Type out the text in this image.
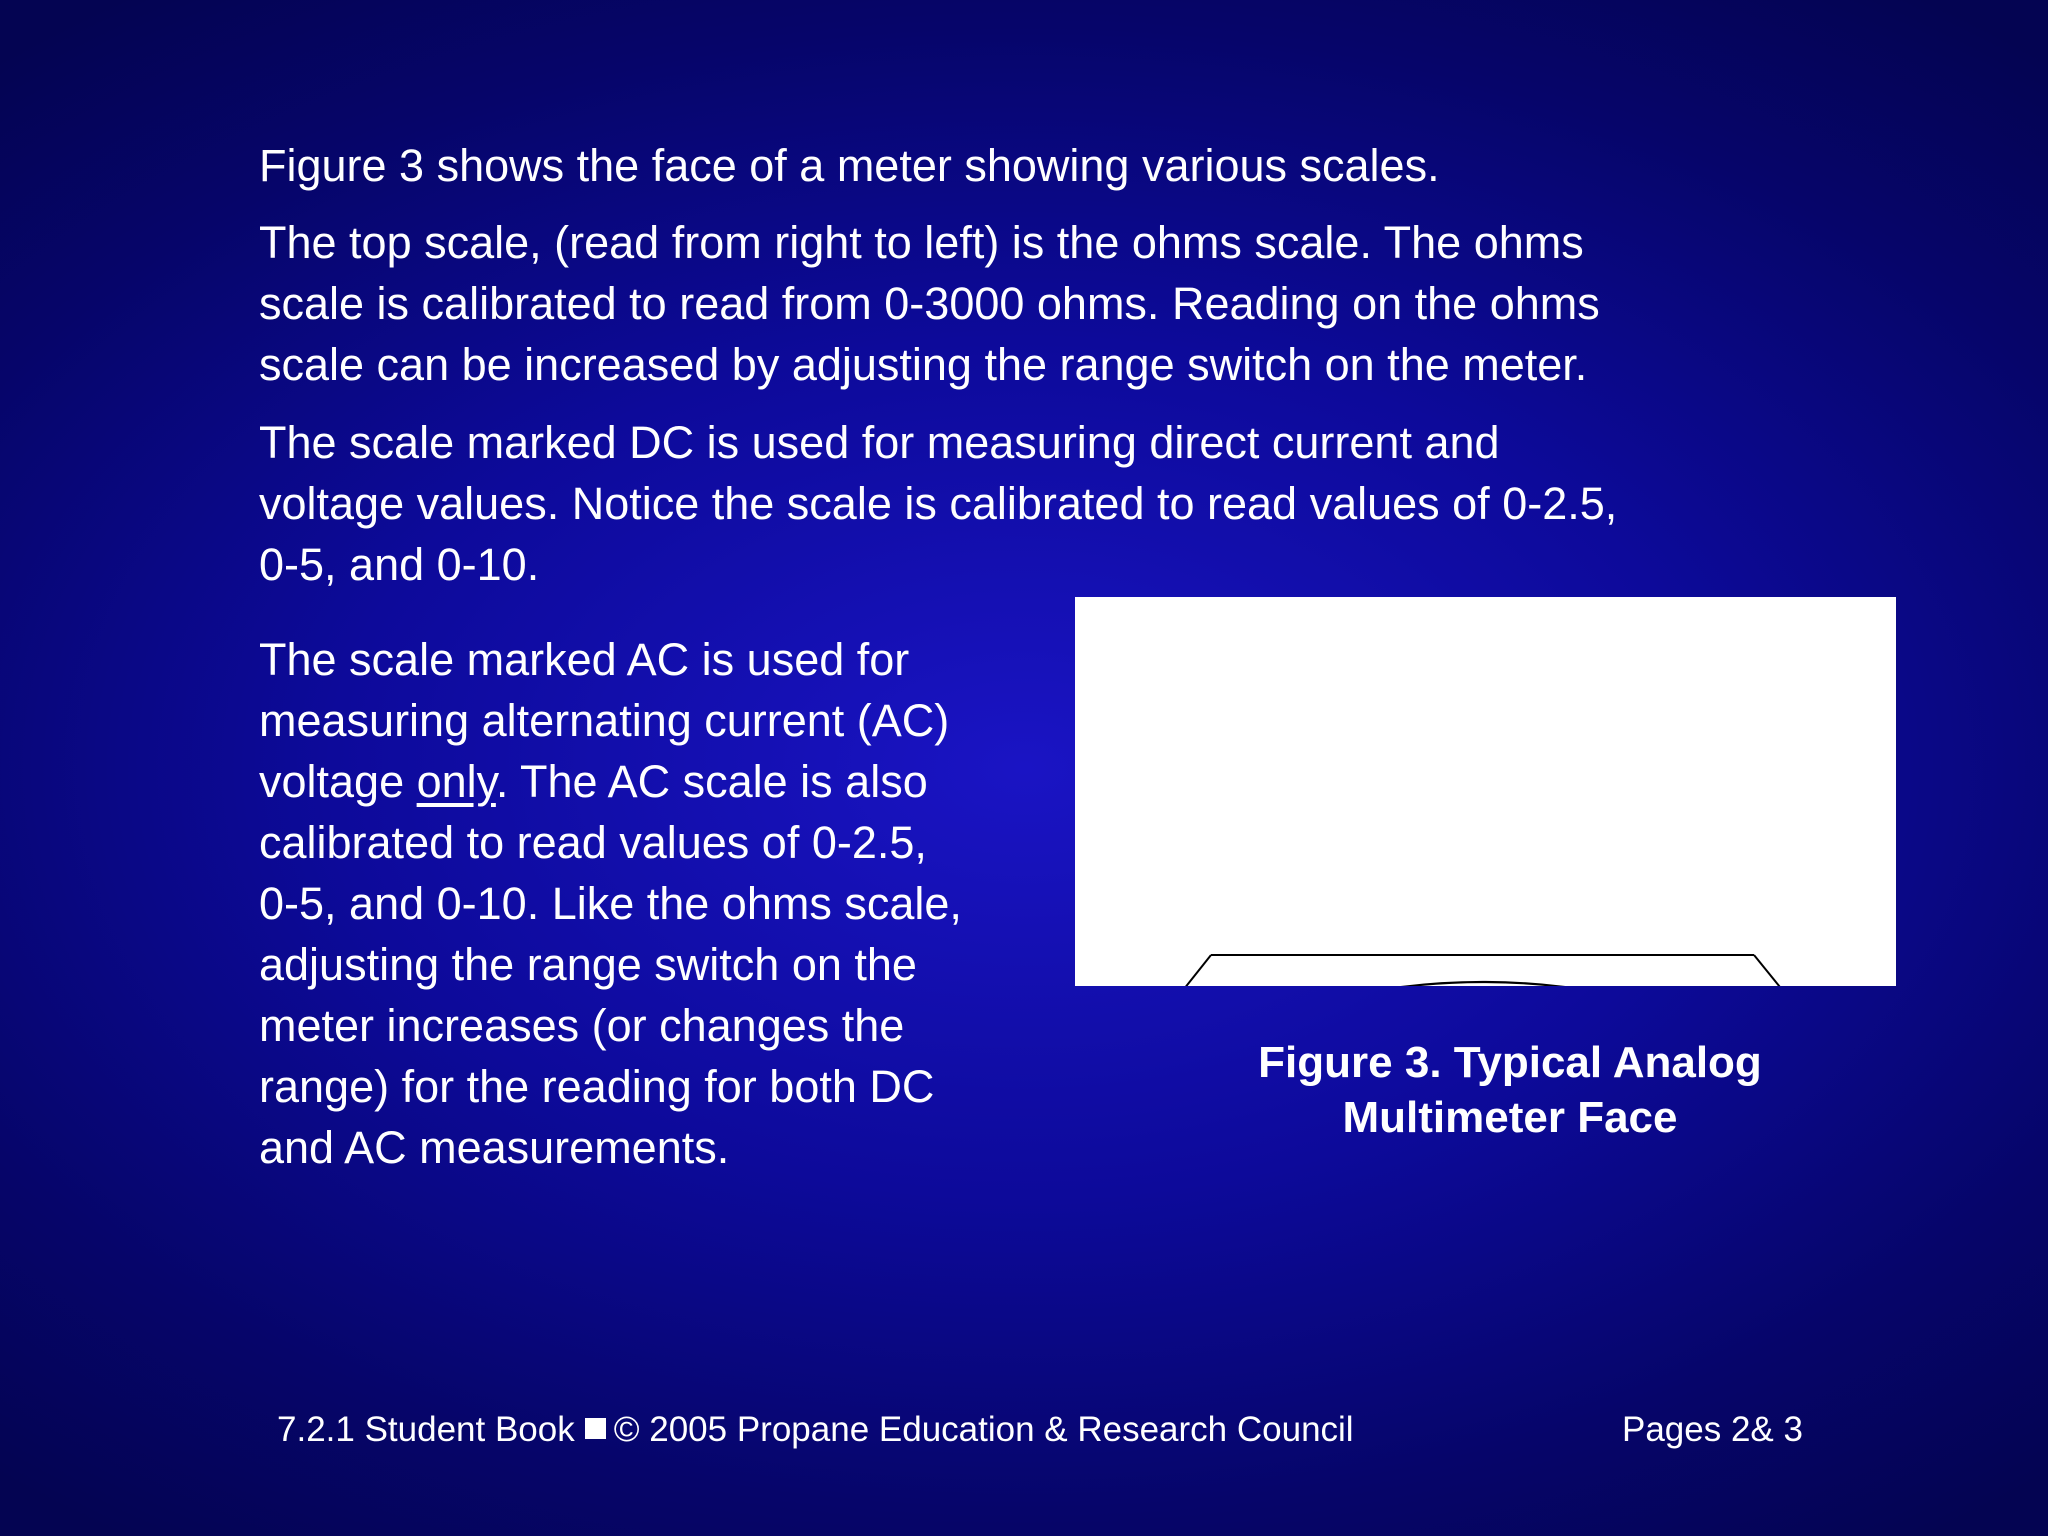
Figure 3 shows the face of a meter showing various scales.

The top scale, (read from right to left) is the ohms scale. The ohms
scale is calibrated to read from 0-3000 ohms. Reading on the ohms
scale can be increased by adjusting the range switch on the meter.
The scale marked DC is used for measuring direct current and
voltage values. Notice the scale is calibrated to read values of 0-2.5,
0-5, and 0-10.
The scale marked AC is used for
measuring alternating current (AC)
voltage only. The AC scale is also
calibrated to read values of 0-2.5,
0-5, and 0-10. Like the ohms scale,
adjusting the range switch on the
meter increases (or changes the
range) for the reading for both DC
and AC measurements.
Figure 3. Typical Analog
Multimeter Face
7.2.1 Student Book © 2005 Propane Education & Research Council	Pages 2& 3
